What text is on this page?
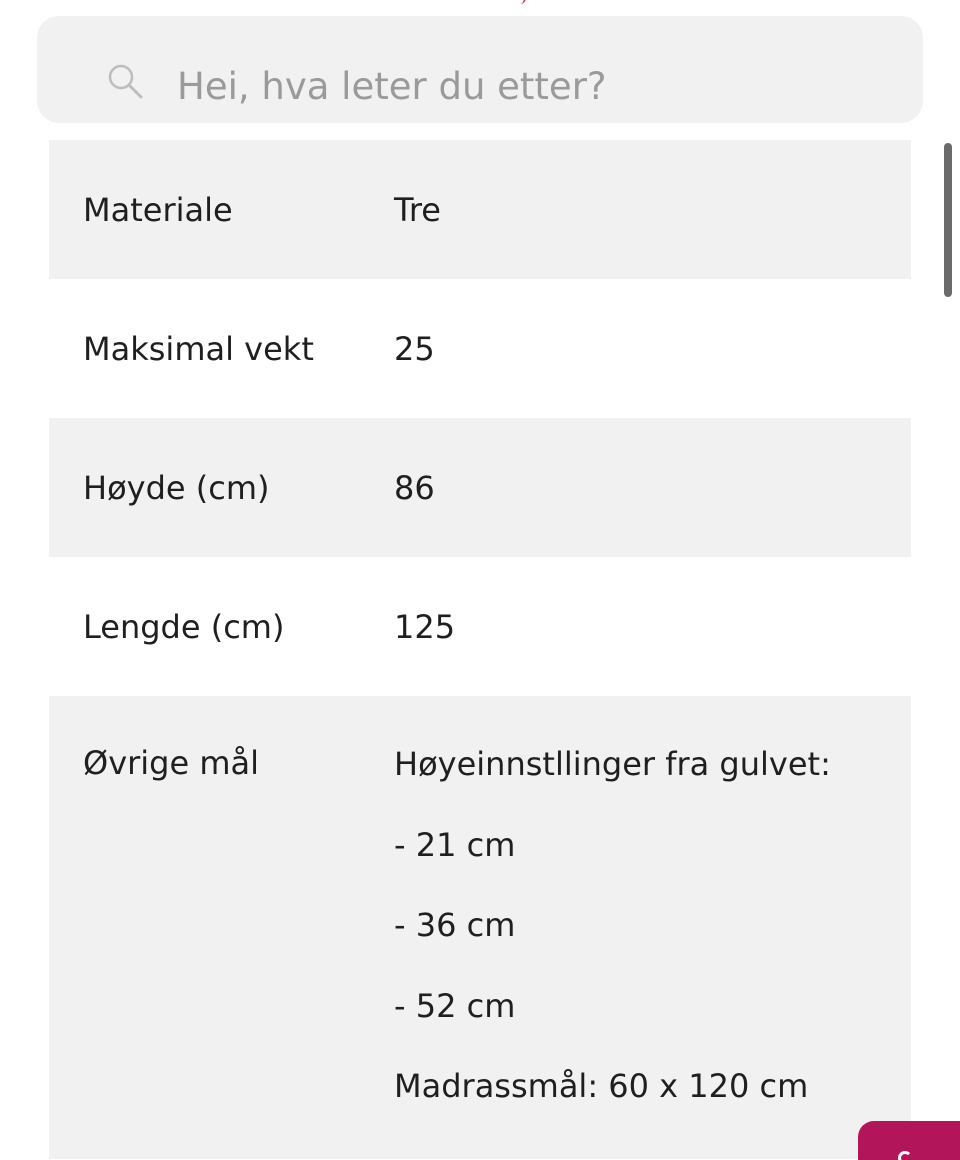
Hei, hva leter du etter?
Materiale	Tre
Maksimal vekt	25
Høyde (cm)	86
Lengde (cm)	125
Øvrige mål	Høyeinnstllinger fra gulvet:
- 21 cm
- 36 cm
- 52 cm
Madrassmål: 60 x 120 cm
